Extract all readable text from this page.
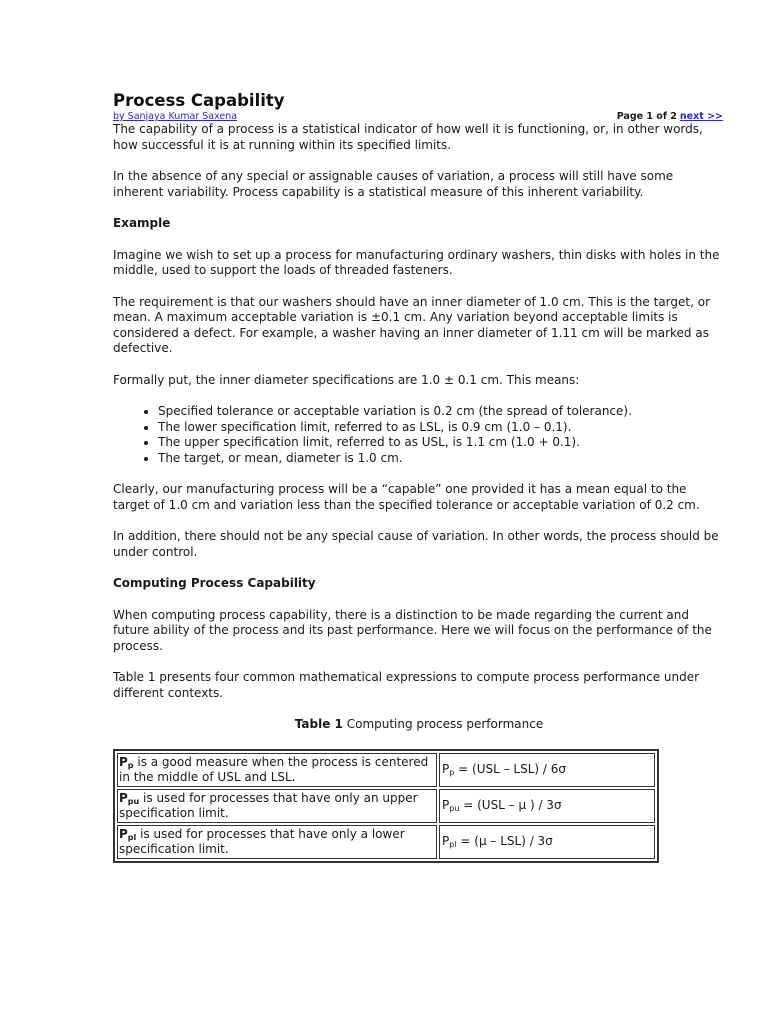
Process Capability
by Sanjaya Kumar Saxena	Page 1 of 2 next >>

The capability of a process is a statistical indicator of how well it is functioning, or, in other words, how successful it is at running within its specified limits.

In the absence of any special or assignable causes of variation, a process will still have some inherent variability. Process capability is a statistical measure of this inherent variability.

Example

Imagine we wish to set up a process for manufacturing ordinary washers, thin disks with holes in the middle, used to support the loads of threaded fasteners.

The requirement is that our washers should have an inner diameter of 1.0 cm. This is the target, or mean. A maximum acceptable variation is ±0.1 cm. Any variation beyond acceptable limits is considered a defect. For example, a washer having an inner diameter of 1.11 cm will be marked as defective.

Formally put, the inner diameter specifications are 1.0 ± 0.1 cm. This means:

• Specified tolerance or acceptable variation is 0.2 cm (the spread of tolerance).
• The lower specification limit, referred to as LSL, is 0.9 cm (1.0 – 0.1).
• The upper specification limit, referred to as USL, is 1.1 cm (1.0 + 0.1).
• The target, or mean, diameter is 1.0 cm.

Clearly, our manufacturing process will be a “capable” one provided it has a mean equal to the target of 1.0 cm and variation less than the specified tolerance or acceptable variation of 0.2 cm.

In addition, there should not be any special cause of variation. In other words, the process should be under control.

Computing Process Capability

When computing process capability, there is a distinction to be made regarding the current and future ability of the process and its past performance. Here we will focus on the performance of the process.

Table 1 presents four common mathematical expressions to compute process performance under different contexts.

Table 1 Computing process performance
$P_p$ is a good measure when the process is centered in the middle of USL and LSL.	$P_p = (USL - LSL) / 6\sigma$
$P_{pu}$ is used for processes that have only an upper specification limit.	$P_{pu} = (USL - \mu$ ) / 3σ
$P_{pl}$ is used for processes that have only a lower specification limit.	$P_{pl} = (\mu - LSL) / 3\sigma$
